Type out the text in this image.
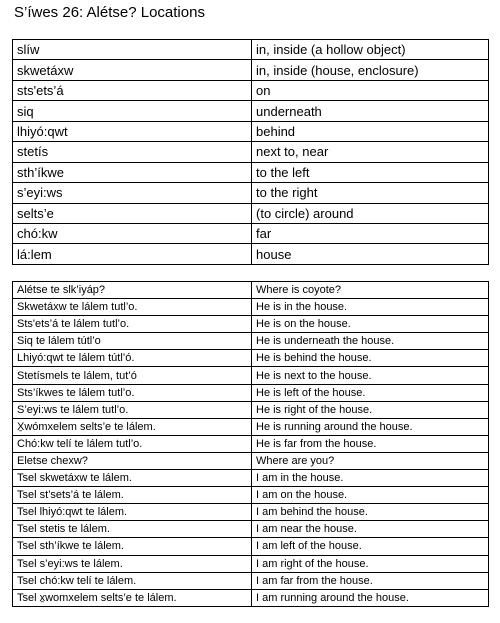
S’íwes 26: Alétse? Locations
slíw	in, inside (a hollow object)
skwetáxw	in, inside (house, enclosure)
sts'ets’á	on
siq	underneath
lhiyó:qwt	behind
stetís	next to, near
sth’íkwe	to the left
s’eyi:ws	to the right
selts’e	(to circle) around
chó:kw	far
lá:lem	house
Alétse te slk’iyáp?	Where is coyote?
Skwetáxw te lálem tutl’o.	He is in the house.
Sts'ets’á te lálem tutl’o.	He is on the house.
Siq te lálem tútl’o	He is underneath the house.
Lhiyó:qwt te lálem tútl’ó.	He is behind the house.
Stetísmels te lálem, tut’ó	He is next to the house.
Sts’íkwes te lálem tutl’o.	He is left of the house.
S’eyi:ws te lálem tutl’o.	He is right of the house.
X̱wómxelem selts’e te lálem.	He is running around the house.
Chó:kw telí te lálem tutl’o.	He is far from the house.
Eletse chexw?	Where are you?
Tsel skwetáxw te lálem.	I am in the house.
Tsel st’sets’á te lálem.	I am on the house.
Tsel lhiyó:qwt te lálem.	I am behind the house.
Tsel stetis te lálem.	I am near the house.
Tsel sth’íkwe te lálem.	I am left of the house.
Tsel s’eyi:ws te lálem.	I am right of the house.
Tsel chó:kw telí te lálem.	I am far from the house.
Tsel x̱womxelem selts’e te lálem.	I am running around the house.
